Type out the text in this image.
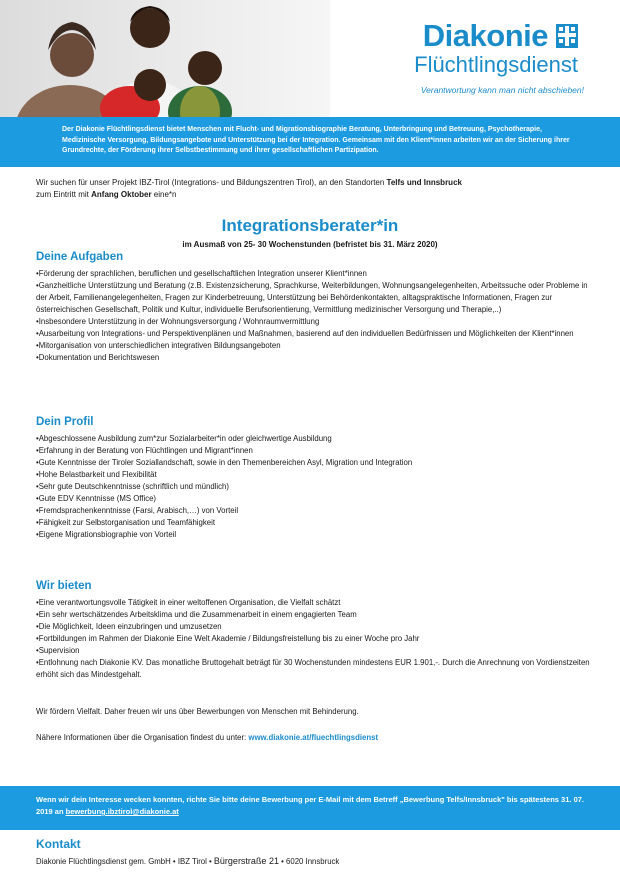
Diakonie
Flüchtlingsdienst
Verantwortung kann man nicht abschieben!

Der Diakonie Flüchtlingsdienst bietet Menschen mit Flucht- und Migrationsbiographie Beratung, Unterbringung und Betreuung, Psychotherapie, Medizinische Versorgung, Bildungsangebote und Unterstützung bei der Integration. Gemeinsam mit den Klient*innen arbeiten wir an der Sicherung ihrer Grundrechte, der Förderung ihrer Selbstbestimmung und ihrer gesellschaftlichen Partizipation.

Wir suchen für unser Projekt IBZ-Tirol (Integrations- und Bildungszentren Tirol), an den Standorten Telfs und Innsbruck
zum Eintritt mit Anfang Oktober eine*n
Integrationsberater*in
im Ausmaß von 25- 30 Wochenstunden (befristet bis 31. März 2020)
Deine Aufgaben
• Förderung der sprachlichen, beruflichen und gesellschaftlichen Integration unserer Klient*innen
• Ganzheitliche Unterstützung und Beratung (z.B. Existenzsicherung, Sprachkurse, Weiterbildungen, Wohnungsangelegenheiten, Arbeitssuche oder Probleme in der Arbeit, Familienangelegenheiten, Fragen zur Kinderbetreuung, Unterstützung bei Behördenkontakten, alltagspraktische Informationen, Fragen zur österreichischen Gesellschaft, Politik und Kultur, individuelle Berufsorientierung, Vermittlung medizinischer Versorgung und Therapie,..)
• Insbesondere Unterstützung in der Wohnungsversorgung / Wohnraumvermittlung
• Ausarbeitung von Integrations- und Perspektivenplänen und Maßnahmen, basierend auf den individuellen Bedürfnissen und Möglichkeiten der Klient*innen
• Mitorganisation von unterschiedlichen integrativen Bildungsangeboten
• Dokumentation und Berichtswesen
Dein Profil
• Abgeschlossene Ausbildung zum*zur Sozialarbeiter*in oder gleichwertige Ausbildung
• Erfahrung in der Beratung von Flüchtlingen und Migrant*innen
• Gute Kenntnisse der Tiroler Soziallandschaft, sowie in den Themenbereichen Asyl, Migration und Integration
• Hohe Belastbarkeit und Flexibilität
• Sehr gute Deutschkenntnisse (schriftlich und mündlich)
• Gute EDV Kenntnisse (MS Office)
• Fremdsprachenkenntnisse (Farsi, Arabisch,…) von Vorteil
• Fähigkeit zur Selbstorganisation und Teamfähigkeit
• Eigene Migrationsbiographie von Vorteil
Wir bieten
• Eine verantwortungsvolle Tätigkeit in einer weltoffenen Organisation, die Vielfalt schätzt
• Ein sehr wertschätzendes Arbeitsklima und die Zusammenarbeit in einem engagierten Team
• Die Möglichkeit, Ideen einzubringen und umzusetzen
• Fortbildungen im Rahmen der Diakonie Eine Welt Akademie / Bildungsfreistellung bis zu einer Woche pro Jahr
• Supervision
• Entlohnung nach Diakonie KV. Das monatliche Bruttogehalt beträgt für 30 Wochenstunden mindestens EUR 1.901,-. Durch die Anrechnung von Vordienstzeiten erhöht sich das Mindestgehalt.

Wir fördern Vielfalt. Daher freuen wir uns über Bewerbungen von Menschen mit Behinderung.

Nähere Informationen über die Organisation findest du unter: www.diakonie.at/fluechtlingsdienst

Wenn wir dein Interesse wecken konnten, richte Sie bitte deine Bewerbung per E-Mail mit dem Betreff „Bewerbung Telfs/Innsbruck" bis spätestens 31. 07. 2019 an bewerbung.ibztirol@diakonie.at
Kontakt
Diakonie Flüchtlingsdienst gem. GmbH • IBZ Tirol • Bürgerstraße 21 • 6020 Innsbruck
